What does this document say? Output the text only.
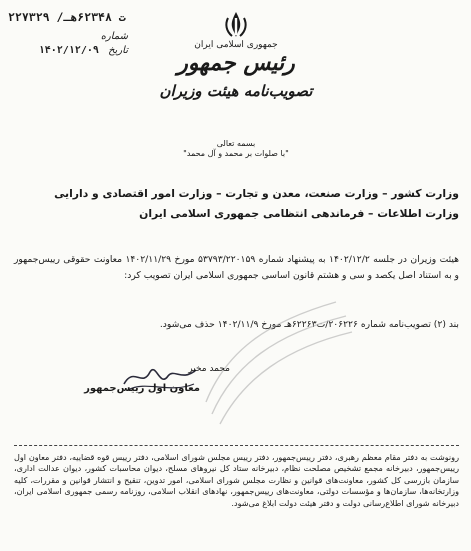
۲۲۷۳۲۹ /ت ۶۲۳۴۸هـ
شماره
تاریخ ۱۴۰۲/۱۲/۰۹	جمهوری اسلامی ایران
رئیس جمهور
تصویب‌نامه هیئت وزیران
بسمه تعالی
"با صلوات بر محمد و آل محمد"
وزارت کشور – وزارت صنعت، معدن و تجارت – وزارت امور اقتصادی و دارایی
وزارت اطلاعات – فرماندهی انتظامی جمهوری اسلامی ایران

هیئت وزیران در جلسه ۱۴۰۲/۱۲/۲ به پیشنهاد شماره ۵۳۷۹۳/۲۲۰۱۵۹ مورخ ۱۴۰۲/۱۱/۲۹ معاونت حقوقی رییس‌جمهور و به استناد اصل یکصد و سی و هشتم قانون اساسی جمهوری اسلامی ایران تصویب کرد:

بند (۲) تصویب‌نامه شماره ۲۰۶۲۲۶/ت۶۲۲۶۳هـ مورخ ۱۴۰۲/۱۱/۹ حذف می‌شود.
محمد مخبر
معاون اول رییس‌جمهور

رونوشت به دفتر مقام معظم رهبری، دفتر رییس‌جمهور، دفتر رییس مجلس شورای اسلامی، دفتر رییس قوه قضاییه، دفتر معاون اول رییس‌جمهور، دبیرخانه مجمع تشخیص مصلحت نظام، دبیرخانه ستاد کل نیروهای مسلح، دیوان محاسبات کشور، دیوان عدالت اداری، سازمان بازرسی کل کشور، معاونت‌های قوانین و نظارت مجلس شورای اسلامی، امور تدوین، تنقیح و انتشار قوانین و مقررات، کلیه وزارتخانه‌ها، سازمان‌ها و مؤسسات دولتی، معاونت‌های رییس‌جمهور، نهادهای انقلاب اسلامی، روزنامه رسمی جمهوری اسلامی ایران، دبیرخانه شورای اطلاع‌رسانی دولت و دفتر هیئت دولت ابلاغ می‌شود.
